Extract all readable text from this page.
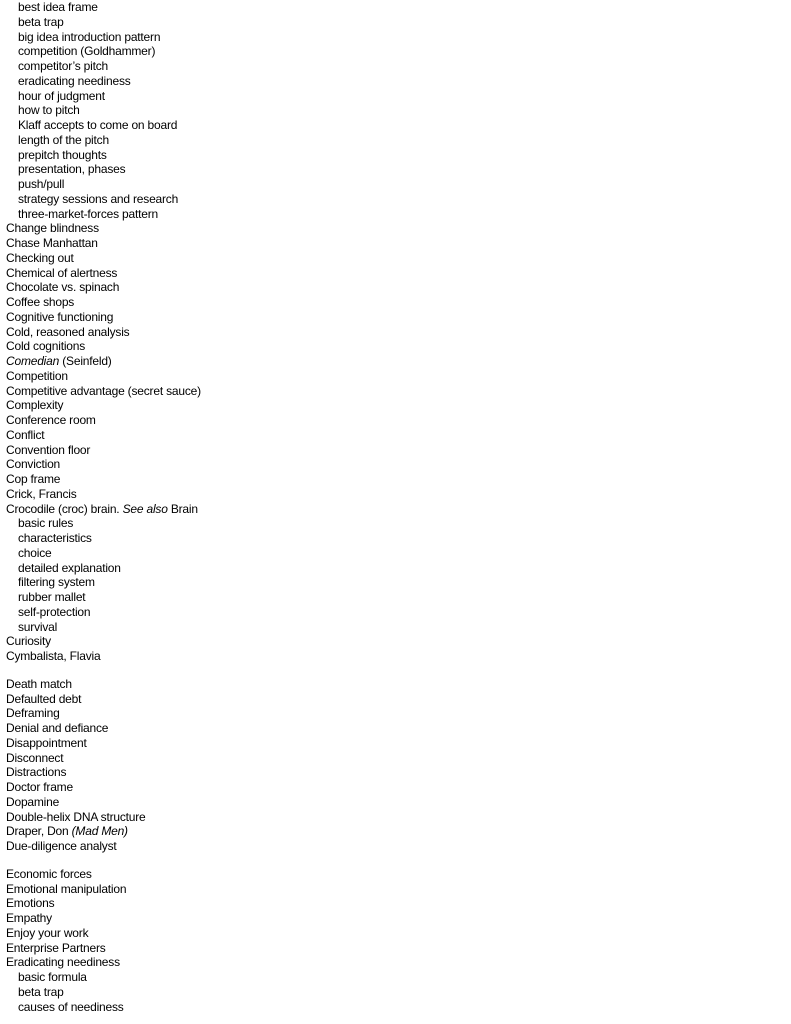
best idea frame
beta trap
big idea introduction pattern
competition (Goldhammer)
competitor’s pitch
eradicating neediness
hour of judgment
how to pitch
Klaff accepts to come on board
length of the pitch
prepitch thoughts
presentation, phases
push/pull
strategy sessions and research
three-market-forces pattern
Change blindness
Chase Manhattan
Checking out
Chemical of alertness
Chocolate vs. spinach
Coffee shops
Cognitive functioning
Cold, reasoned analysis
Cold cognitions
Comedian (Seinfeld)
Competition
Competitive advantage (secret sauce)
Complexity
Conference room
Conflict
Convention floor
Conviction
Cop frame
Crick, Francis
Crocodile (croc) brain. See also Brain
basic rules
characteristics
choice
detailed explanation
filtering system
rubber mallet
self-protection
survival
Curiosity
Cymbalista, Flavia
Death match
Defaulted debt
Deframing
Denial and defiance
Disappointment
Disconnect
Distractions
Doctor frame
Dopamine
Double-helix DNA structure
Draper, Don (Mad Men)
Due-diligence analyst
Economic forces
Emotional manipulation
Emotions
Empathy
Enjoy your work
Enterprise Partners
Eradicating neediness
basic formula
beta trap
causes of neediness
